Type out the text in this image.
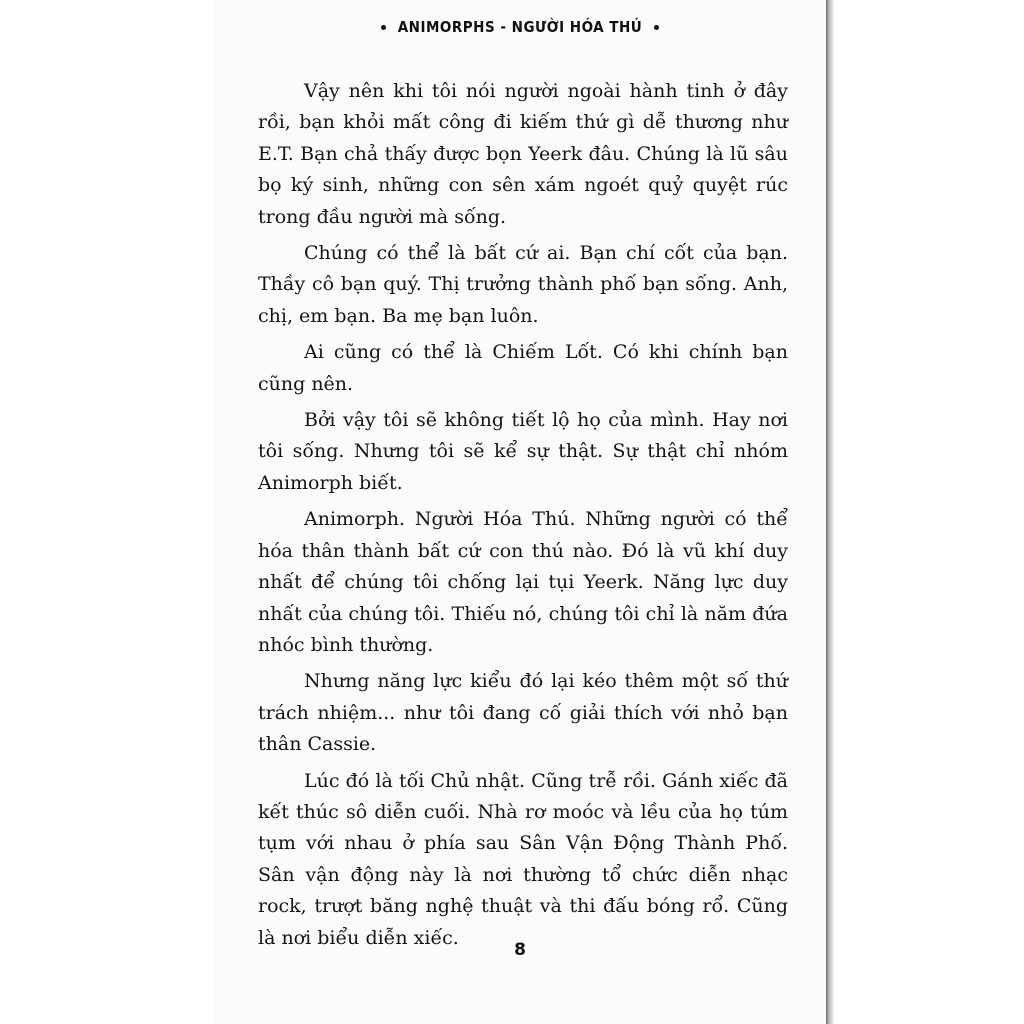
ANIMORPHS - NGƯỜI HÓA THÚ

Vậy nên khi tôi nói người ngoài hành tinh ở đây rồi, bạn khỏi mất công đi kiếm thứ gì dễ thương như E.T. Bạn chả thấy được bọn Yeerk đâu. Chúng là lũ sâu bọ ký sinh, những con sên xám ngoét quỷ quyệt rúc trong đầu người mà sống.

Chúng có thể là bất cứ ai. Bạn chí cốt của bạn. Thầy cô bạn quý. Thị trưởng thành phố bạn sống. Anh, chị, em bạn. Ba mẹ bạn luôn.

Ai cũng có thể là Chiếm Lốt. Có khi chính bạn cũng nên.

Bởi vậy tôi sẽ không tiết lộ họ của mình. Hay nơi tôi sống. Nhưng tôi sẽ kể sự thật. Sự thật chỉ nhóm Animorph biết.

Animorph. Người Hóa Thú. Những người có thể hóa thân thành bất cứ con thú nào. Đó là vũ khí duy nhất để chúng tôi chống lại tụi Yeerk. Năng lực duy nhất của chúng tôi. Thiếu nó, chúng tôi chỉ là năm đứa nhóc bình thường.

Nhưng năng lực kiểu đó lại kéo thêm một số thứ trách nhiệm... như tôi đang cố giải thích với nhỏ bạn thân Cassie.

Lúc đó là tối Chủ nhật. Cũng trễ rồi. Gánh xiếc đã kết thúc sô diễn cuối. Nhà rơ moóc và lều của họ túm tụm với nhau ở phía sau Sân Vận Động Thành Phố. Sân vận động này là nơi thường tổ chức diễn nhạc rock, trượt băng nghệ thuật và thi đấu bóng rổ. Cũng là nơi biểu diễn xiếc.

8
